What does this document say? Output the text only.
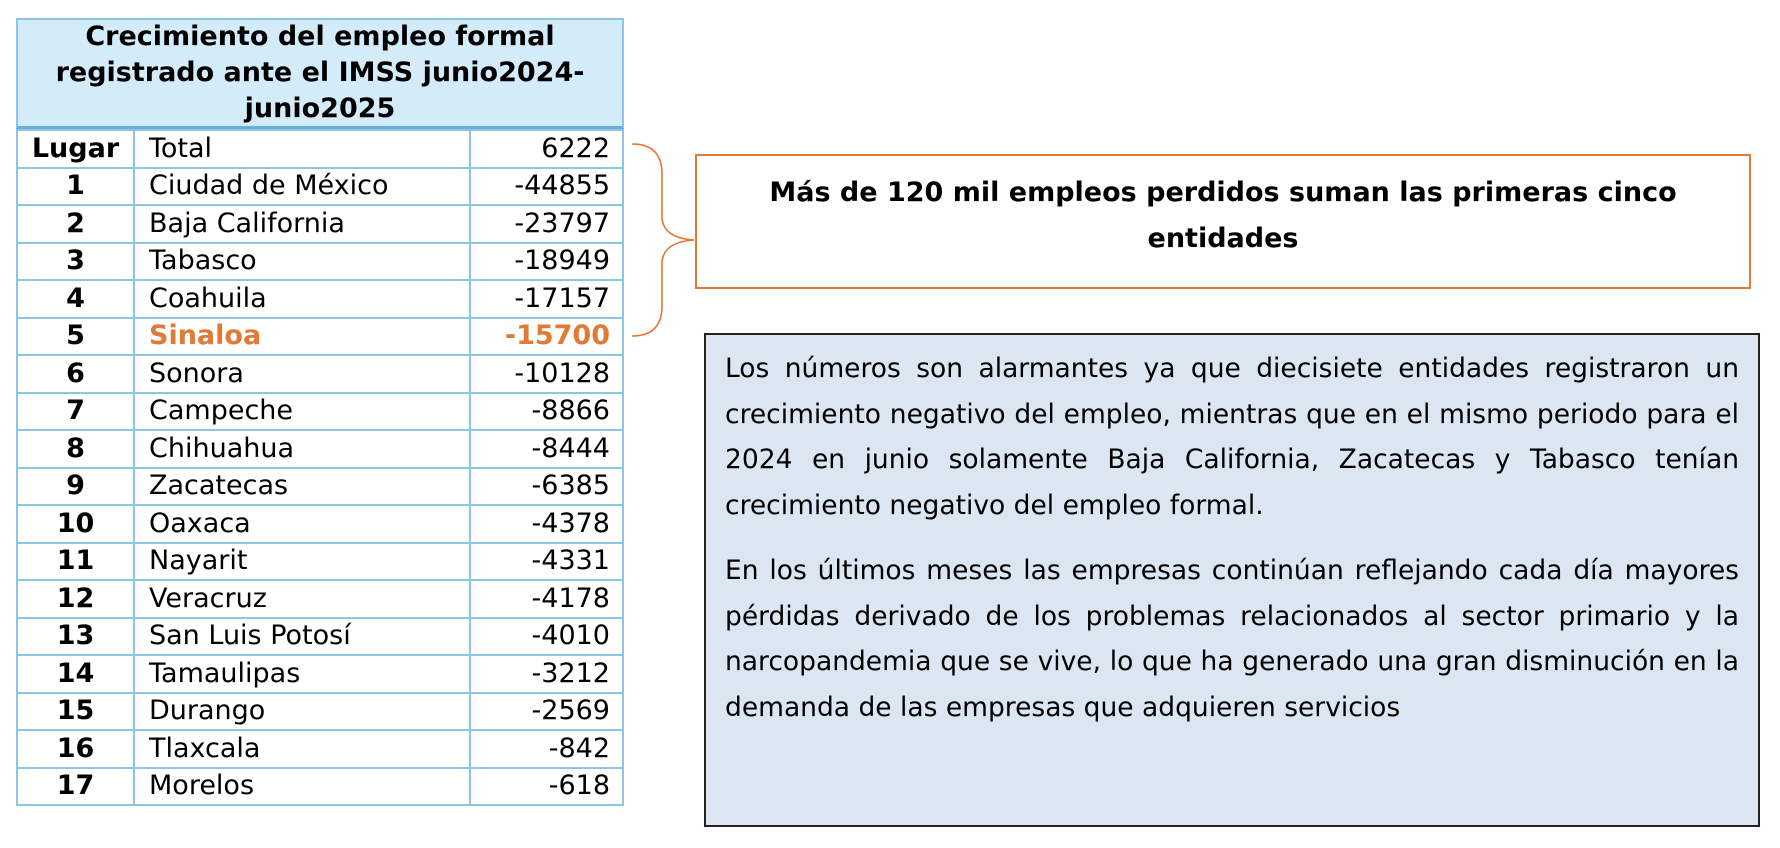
Crecimiento del empleo formal registrado ante el IMSS junio2024-junio2025
Lugar	Total	6222
1	Ciudad de México	-44855
2	Baja California	-23797
3	Tabasco	-18949
4	Coahuila	-17157
5	Sinaloa	-15700
6	Sonora	-10128
7	Campeche	-8866
8	Chihuahua	-8444
9	Zacatecas	-6385
10	Oaxaca	-4378
11	Nayarit	-4331
12	Veracruz	-4178
13	San Luis Potosí	-4010
14	Tamaulipas	-3212
15	Durango	-2569
16	Tlaxcala	-842
17	Morelos	-618
Más de 120 mil empleos perdidos suman las primeras cinco entidades

Los números son alarmantes ya que diecisiete entidades registraron un crecimiento negativo del empleo, mientras que en el mismo periodo para el 2024 en junio solamente Baja California, Zacatecas y Tabasco tenían crecimiento negativo del empleo formal.

En los últimos meses las empresas continúan reflejando cada día mayores pérdidas derivado de los problemas relacionados al sector primario y la narcopandemia que se vive, lo que ha generado una gran disminución en la demanda de las empresas que adquieren servicios
